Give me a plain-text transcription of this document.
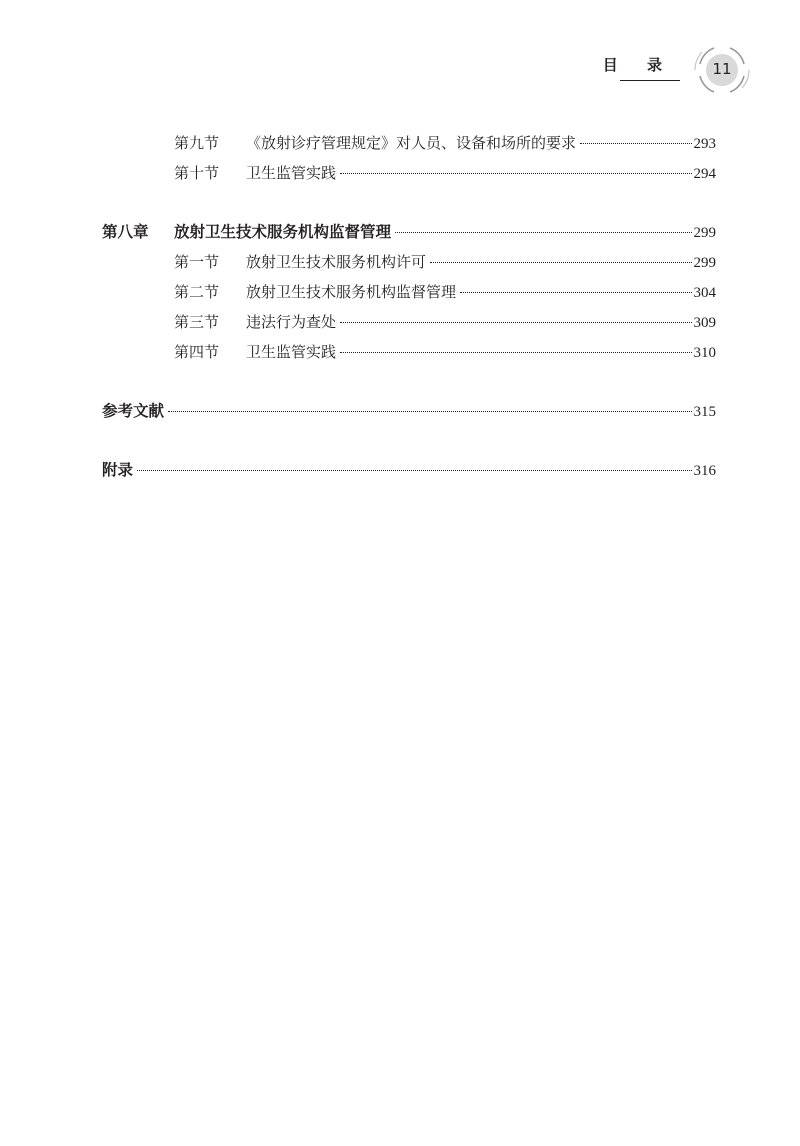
目 录	11
第九节	《放射诊疗管理规定》对人员、设备和场所的要求	293
第十节	卫生监管实践	294
第八章	放射卫生技术服务机构监督管理	299
第一节	放射卫生技术服务机构许可	299
第二节	放射卫生技术服务机构监督管理	304
第三节	违法行为查处	309
第四节	卫生监管实践	310
参考文献	315
附录	316
